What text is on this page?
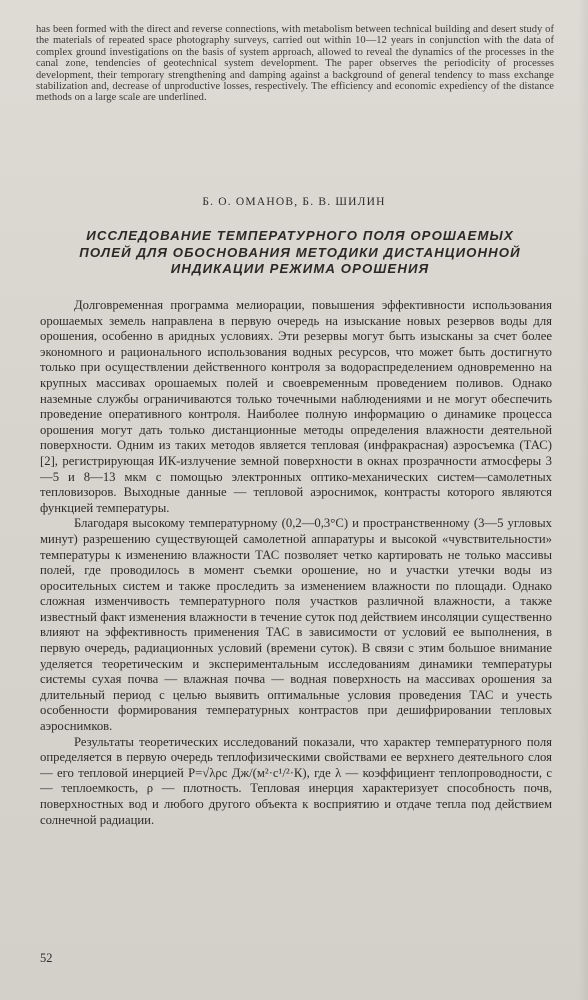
has been formed with the direct and reverse connections, with metabolism between technical building and desert study of the materials of repeated space photography surveys, carried out within 10—12 years in conjunction with the data of complex ground investigations on the basis of system approach, allowed to reveal the dynamics of the processes in the canal zone, tendencies of geotechnical system development. The paper observes the periodicity of processes development, their temporary strengthening and damping against a background of general tendency to mass exchange stabilization and, decrease of unproductive losses, respectively. The efficiency and economic expediency of the distance methods on a large scale are underlined.
Б. О. ОМАНОВ, Б. В. ШИЛИН
ИССЛЕДОВАНИЕ ТЕМПЕРАТУРНОГО ПОЛЯ ОРОШАЕМЫХ ПОЛЕЙ ДЛЯ ОБОСНОВАНИЯ МЕТОДИКИ ДИСТАНЦИОННОЙ ИНДИКАЦИИ РЕЖИМА ОРОШЕНИЯ

Долговременная программа мелиорации, повышения эффективности использования орошаемых земель направлена в первую очередь на изыскание новых резервов воды для орошения, особенно в аридных условиях. Эти резервы могут быть изысканы за счет более экономного и рационального использования водных ресурсов, что может быть достигнуто только при осуществлении действенного контроля за водораспределением одновременно на крупных массивах орошаемых полей и своевременным проведением поливов. Однако наземные службы ограничиваются только точечными наблюдениями и не могут обеспечить проведение оперативного контроля. Наиболее полную информацию о динамике процесса орошения могут дать только дистанционные методы определения влажности деятельной поверхности. Одним из таких методов является тепловая (инфракрасная) аэросъемка (ТАС) [2], регистрирующая ИК-излучение земной поверхности в окнах прозрачности атмосферы 3—5 и 8—13 мкм с помощью электронных оптико-механических систем—самолетных тепловизоров. Выходные данные — тепловой аэроснимок, контрасты которого являются функцией температуры.

Благодаря высокому температурному (0,2—0,3°С) и пространственному (3—5 угловых минут) разрешению существующей самолетной аппаратуры и высокой «чувствительности» температуры к изменению влажности ТАС позволяет четко картировать не только массивы полей, где проводилось в момент съемки орошение, но и участки утечки воды из оросительных систем и также проследить за изменением влажности по площади. Однако сложная изменчивость температурного поля участков различной влажности, а также известный факт изменения влажности в течение суток под действием инсоляции существенно влияют на эффективность применения ТАС в зависимости от условий ее выполнения, в первую очередь, радиационных условий (времени суток). В связи с этим большое внимание уделяется теоретическим и экспериментальным исследованиям динамики температуры системы сухая почва — влажная почва — водная поверхность на массивах орошения за длительный период с целью выявить оптимальные условия проведения ТАС и учесть особенности формирования температурных контрастов при дешифрировании тепловых аэроснимков.

Результаты теоретических исследований показали, что характер температурного поля определяется в первую очередь теплофизическими свойствами ее верхнего деятельного слоя — его тепловой инерцией Р=√λρс Дж/(м²·с¹/²·К), где λ — коэффициент теплопроводности, с — теплоемкость, ρ — плотность. Тепловая инерция характеризует способность почв, поверхностных вод и любого другого объекта к восприятию и отдаче тепла под действием солнечной радиации.

52
